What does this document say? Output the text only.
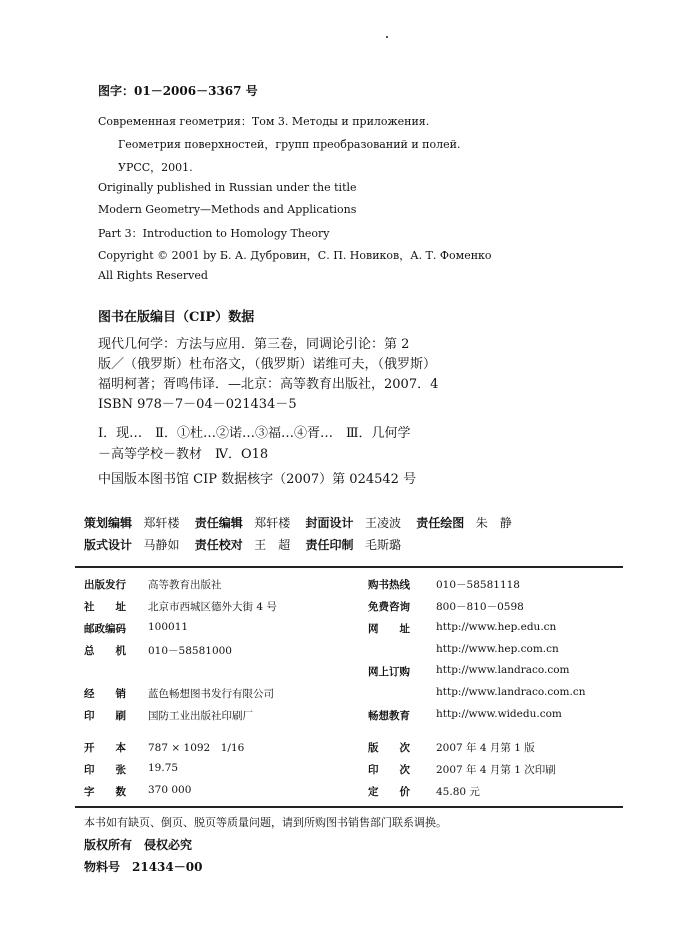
图字：01－2006－3367 号
Современная геометрия：Том 3. Методы и приложения.
Геометрия поверхностей，групп преобразований и полей.
УРСС，2001.
Originally published in Russian under the title
Modern Geometry—Methods and Applications
Part 3：Introduction to Homology Theory
Copyright © 2001 by Б. А. Дубровин，С. П. Новиков，А. Т. Фоменко
All Rights Reserved
图书在版编目（CIP）数据
现代几何学：方法与应用．第三卷，同调论引论：第 2
版／（俄罗斯）杜布洛文，（俄罗斯）诺维可夫，（俄罗斯）
福明柯著；胥鸣伟译．—北京：高等教育出版社，2007．4
ISBN 978－7－04－021434－5
Ⅰ．现…　Ⅱ．①杜…②诺…③福…④胥…　Ⅲ．几何学
－高等学校－教材　Ⅳ．O18
中国版本图书馆 CIP 数据核字（2007）第 024542 号
策划编辑 郑轩楼 责任编辑 郑轩楼 封面设计 王凌波 责任绘图 朱　静
版式设计 马静如 责任校对 王　超 责任印制 毛斯璐
出版发行 高等教育出版社
社　　址 北京市西城区德外大街 4 号
邮政编码 100011
总　　机 010－58581000
经　　销 蓝色畅想图书发行有限公司
印　　刷 国防工业出版社印刷厂
购书热线 010－58581118
免费咨询 800－810－0598
网　　址 http://www.hep.edu.cn
http://www.hep.com.cn
网上订购 http://www.landraco.com
http://www.landraco.com.cn
畅想教育 http://www.widedu.com
开　　本 787 × 1092　1/16
印　　张 19.75
字　　数 370 000
版　　次 2007 年 4 月第 1 版
印　　次 2007 年 4 月第 1 次印刷
定　　价 45.80 元
本书如有缺页、倒页、脱页等质量问题，请到所购图书销售部门联系调换。
版权所有　侵权必究
物料号　21434－00
